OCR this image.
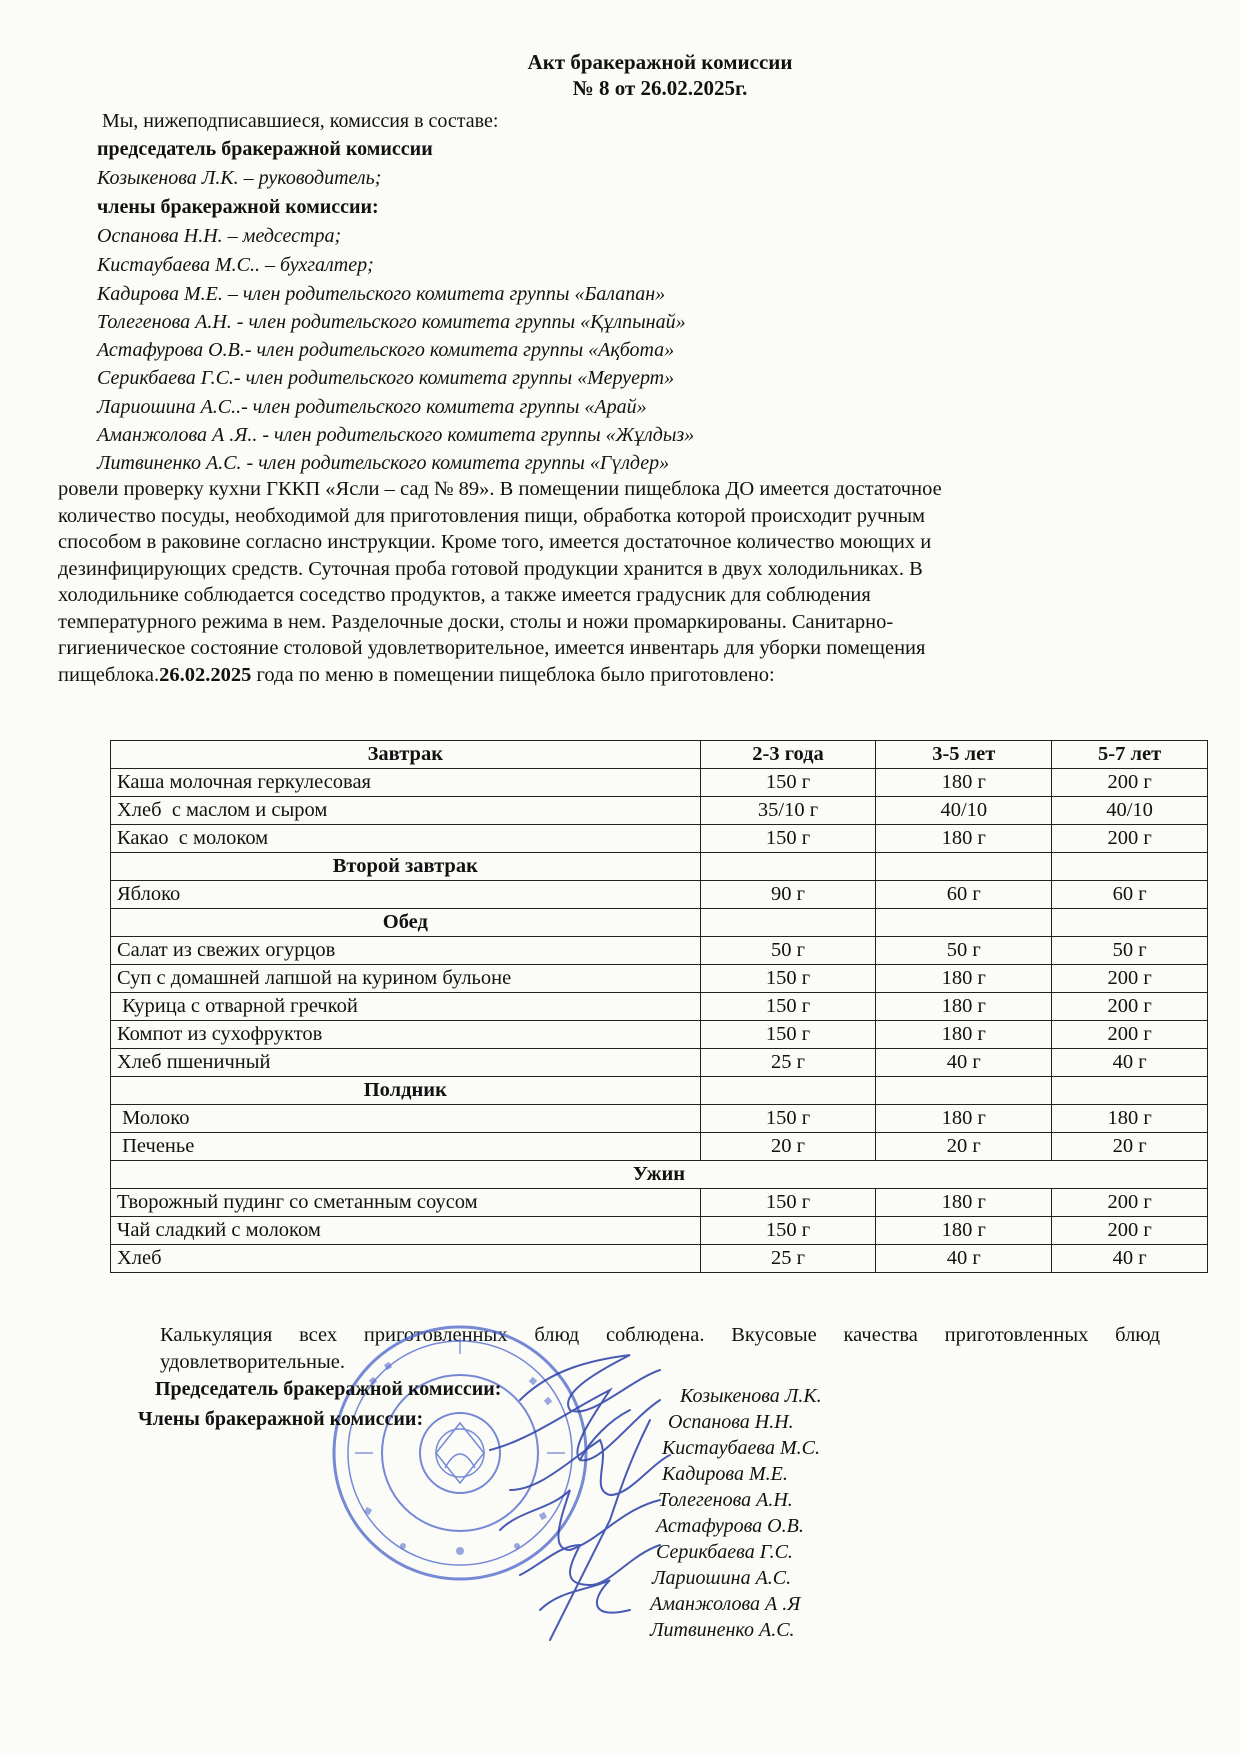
Акт бракеражной комиссии
№ 8 от 26.02.2025г.
Мы, нижеподписавшиеся, комиссия в составе:
председатель бракеражной комиссии
Козыкенова Л.К. – руководитель;
члены бракеражной комиссии:
Оспанова Н.Н. – медсестра;
Кистаубаева М.С.. – бухгалтер;
Кадирова М.Е. – член родительского комитета группы «Балапан»
Толегенова А.Н. - член родительского комитета группы «Құлпынай»
Астафурова О.В.- член родительского комитета группы «Ақбота»
Серикбаева Г.С.- член родительского комитета группы «Меруерт»
Лариошина А.С..- член родительского комитета группы «Арай»
Аманжолова А .Я.. - член родительского комитета группы «Жұлдыз»
Литвиненко А.С. - член родительского комитета группы «Гүлдер»
ровели проверку кухни ГККП «Ясли – сад № 89». В помещении пищеблока ДО имеется достаточное
количество посуды, необходимой для приготовления пищи, обработка которой происходит ручным
способом в раковине согласно инструкции. Кроме того, имеется достаточное количество моющих и
дезинфицирующих средств. Суточная проба готовой продукции хранится в двух холодильниках. В
холодильнике соблюдается соседство продуктов, а также имеется градусник для соблюдения
температурного режима в нем. Разделочные доски, столы и ножи промаркированы. Санитарно-
гигиеническое состояние столовой удовлетворительное, имеется инвентарь для уборки помещения
пищеблока.26.02.2025 года по меню в помещении пищеблока было приготовлено:
Завтрак	2-3 года	3-5 лет	5-7 лет
Каша молочная геркулесовая	150 г	180 г	200 г
Хлеб  с маслом и сыром	35/10 г	40/10	40/10
Какао  с молоком	150 г	180 г	200 г
Второй завтрак			
Яблоко	90 г	60 г	60 г
Обед			
Салат из свежих огурцов	50 г	50 г	50 г
Суп с домашней лапшой на курином бульоне	150 г	180 г	200 г
Курица с отварной гречкой	150 г	180 г	200 г
Компот из сухофруктов	150 г	180 г	200 г
Хлеб пшеничный	25 г	40 г	40 г
Полдник			
Молоко	150 г	180 г	180 г
Печенье	20 г	20 г	20 г
Ужин			
Творожный пудинг со сметанным соусом	150 г	180 г	200 г
Чай сладкий с молоком	150 г	180 г	200 г
Хлеб	25 г	40 г	40 г
Калькуляция всех приготовленных блюд соблюдена. Вкусовые качества приготовленных блюд удовлетворительные.
Председатель бракеражной комиссии:
Члены бракеражной комиссии:
Козыкенова Л.К.
Оспанова Н.Н.
Кистаубаева М.С.
Кадирова М.Е.
Толегенова А.Н.
Астафурова О.В.
Серикбаева Г.С.
Лариошина А.С.
Аманжолова А .Я
Литвиненко А.С.
